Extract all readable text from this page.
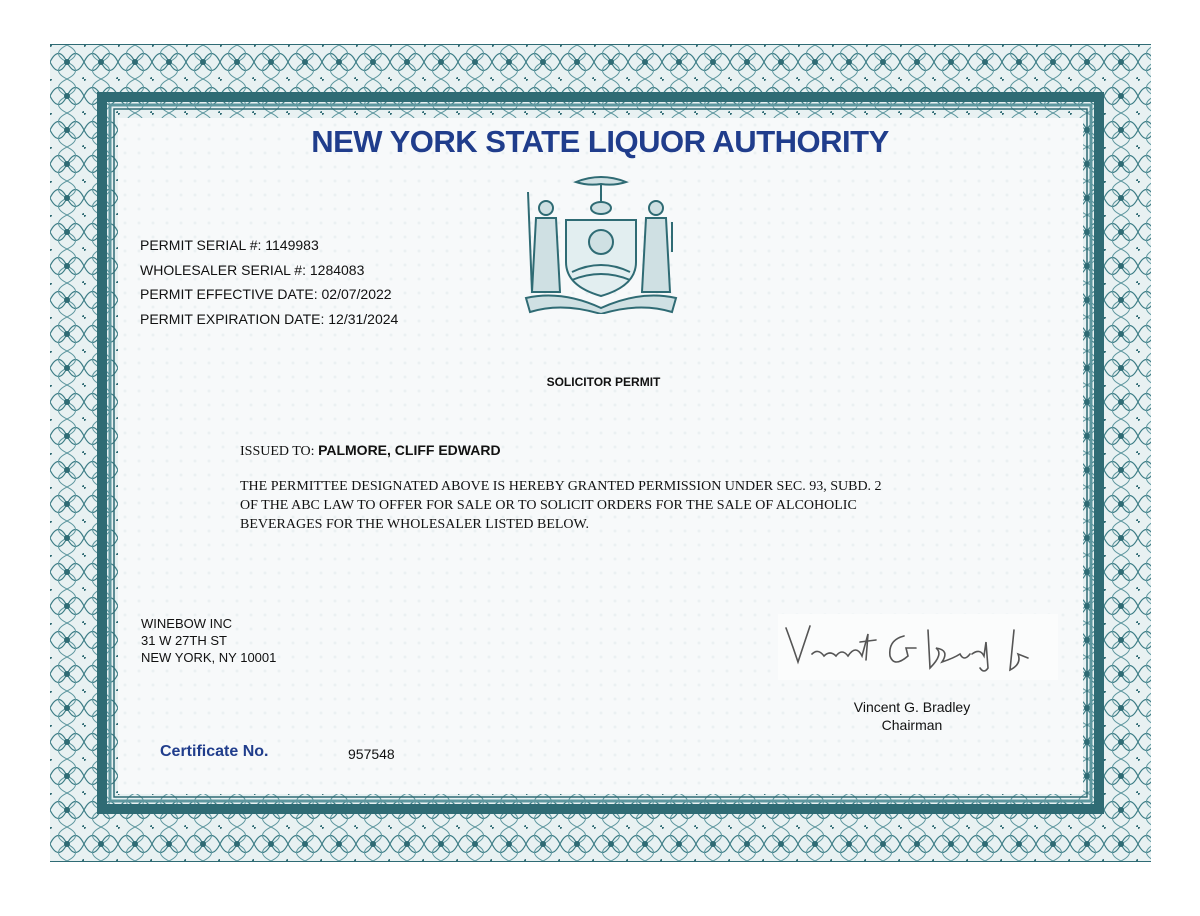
NEW YORK STATE LIQUOR AUTHORITY
PERMIT SERIAL #: 1149983
WHOLESALER SERIAL #: 1284083
PERMIT EFFECTIVE DATE: 02/07/2022
PERMIT EXPIRATION DATE: 12/31/2024
SOLICITOR PERMIT
ISSUED TO: PALMORE, CLIFF EDWARD
THE PERMITTEE DESIGNATED ABOVE IS HEREBY GRANTED PERMISSION UNDER SEC. 93, SUBD. 2
OF THE ABC LAW TO OFFER FOR SALE OR TO SOLICIT ORDERS FOR THE SALE OF ALCOHOLIC
BEVERAGES FOR THE WHOLESALER LISTED BELOW.
WINEBOW INC
31 W 27TH ST
NEW YORK, NY 10001
Vincent G. Bradley
Chairman
Certificate No.	957548
